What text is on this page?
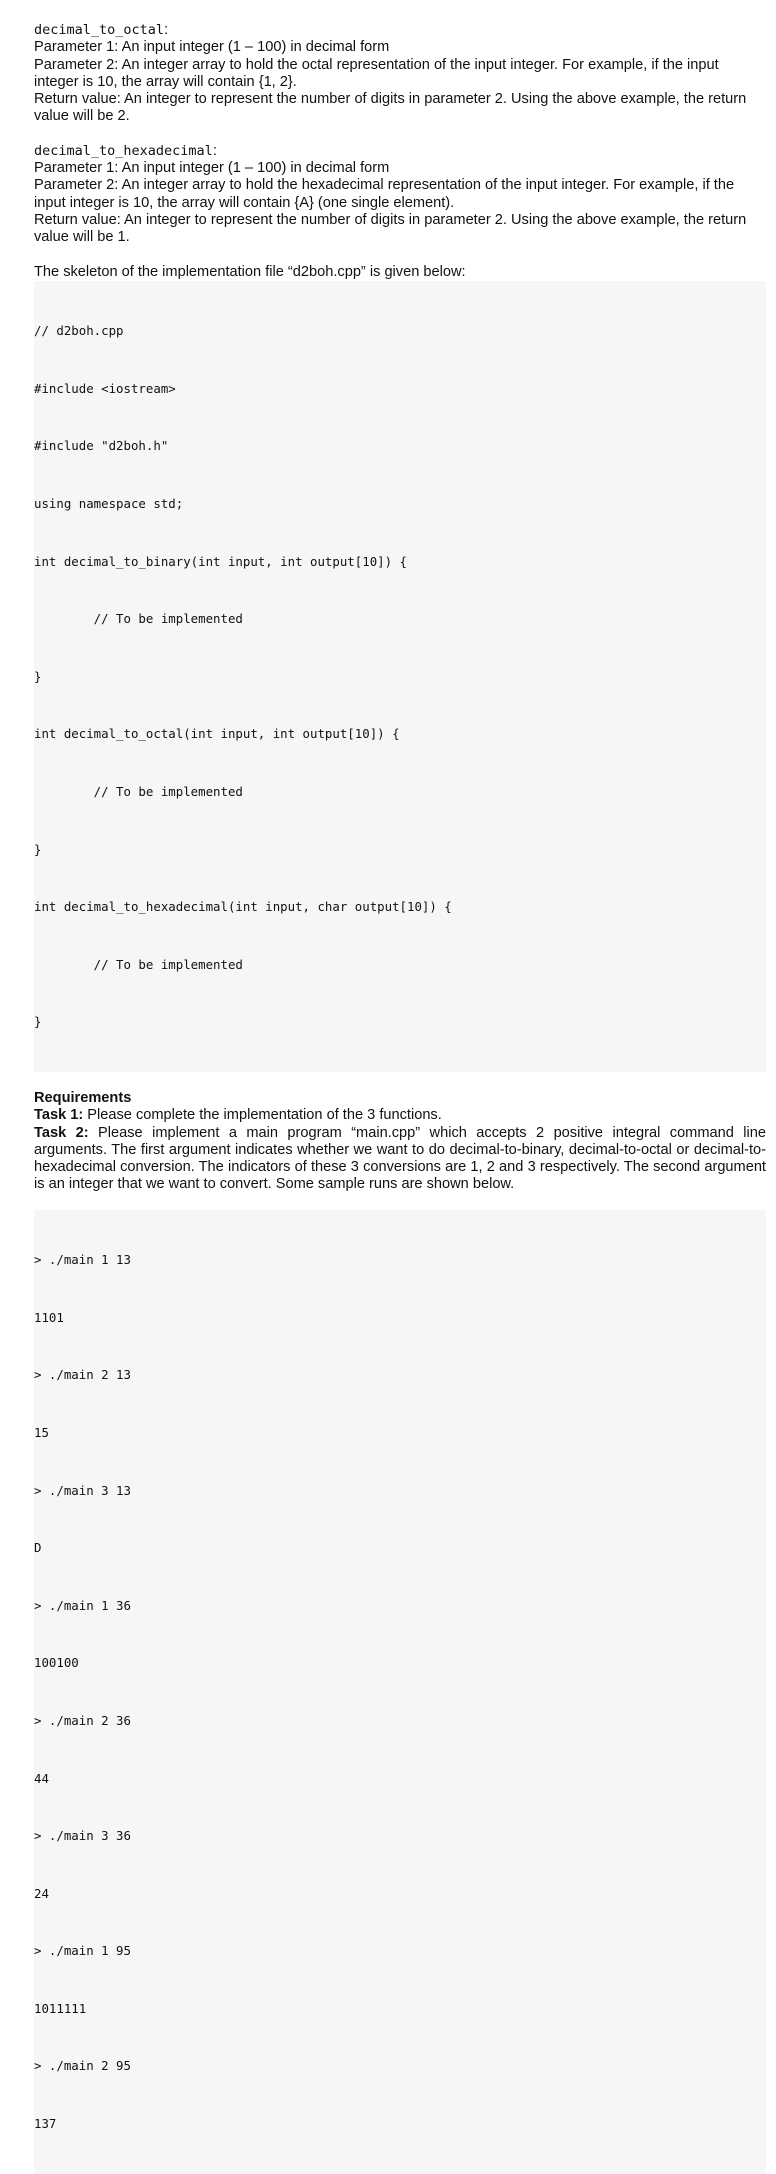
decimal_to_octal:

Parameter 1: An input integer (1 – 100) in decimal form

Parameter 2: An integer array to hold the octal representation of the input integer. For example, if the input integer is 10, the array will contain {1, 2}.

Return value: An integer to represent the number of digits in parameter 2. Using the above example, the return value will be 2.

decimal_to_hexadecimal:

Parameter 1: An input integer (1 – 100) in decimal form

Parameter 2: An integer array to hold the hexadecimal representation of the input integer. For example, if the input integer is 10, the array will contain {A} (one single element).

Return value: An integer to represent the number of digits in parameter 2. Using the above example, the return value will be 1.

The skeleton of the implementation file “d2boh.cpp” is given below:

// d2boh.cpp

#include <iostream>

#include "d2boh.h"

using namespace std;

int decimal_to_binary(int input, int output[10]) {

// To be implemented

}

int decimal_to_octal(int input, int output[10]) {

// To be implemented

}

int decimal_to_hexadecimal(int input, char output[10]) {

// To be implemented

}

Requirements

Task 1: Please complete the implementation of the 3 functions.

Task 2: Please implement a main program “main.cpp” which accepts 2 positive integral command line arguments. The first argument indicates whether we want to do decimal-to-binary, decimal-to-octal or decimal-to-hexadecimal conversion. The indicators of these 3 conversions are 1, 2 and 3 respectively. The second argument is an integer that we want to convert. Some sample runs are shown below.

> ./main 1 13

1101

> ./main 2 13

15

> ./main 3 13

D

> ./main 1 36

100100

> ./main 2 36

44

> ./main 3 36

24

> ./main 1 95

1011111

> ./main 2 95

137
